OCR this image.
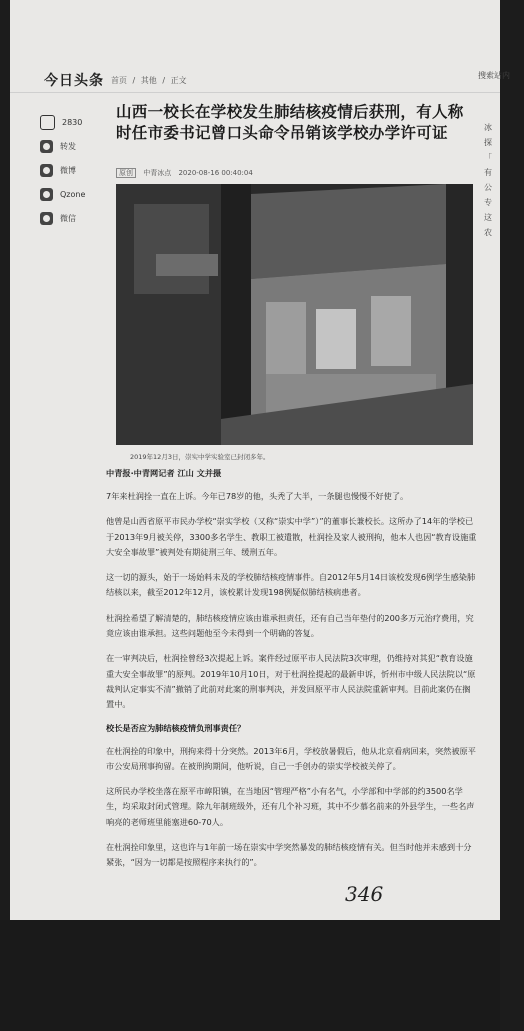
今日头条 首页 / 其他 / 正文
搜索站内
2830
转发
微博
Qzone
微信
山西一校长在学校发生肺结核疫情后获刑，有人称时任市委书记曾口头命令吊销该学校办学许可证
原创 中青冰点 2020-08-16 00:40:04
2019年12月3日，崇实中学实验室已封闭多年。

中青报·中青网记者 江山 文并摄

7年来杜润拴一直在上诉。今年已78岁的他，头秃了大半，一条腿也慢慢不好使了。

他曾是山西省原平市民办学校“崇实学校（又称“崇实中学”）”的董事长兼校长。这所办了14年的学校已于2013年9月被关停，3300多名学生、教职工被遣散，杜润拴及家人被刑拘，他本人也因“教育设施重大安全事故罪”被判处有期徒刑三年、缓刑五年。

这一切的源头，始于一场始料未及的学校肺结核疫情事件。自2012年5月14日该校发现6例学生感染肺结核以来，截至2012年12月，该校累计发现198例疑似肺结核病患者。

杜润拴希望了解清楚的，肺结核疫情应该由谁承担责任，还有自己当年垫付的200多万元治疗费用，究竟应该由谁承担。这些问题他至今未得到一个明确的答复。

在一审判决后，杜润拴曾经3次提起上诉。案件经过原平市人民法院3次审理，仍维持对其犯“教育设施重大安全事故罪”的原判。2019年10月10日，对于杜润拴提起的最新申诉，忻州市中级人民法院以“原裁判认定事实不清”撤销了此前对此案的刑事判决，并发回原平市人民法院重新审判。目前此案仍在搁置中。

校长是否应为肺结核疫情负刑事责任？

在杜润拴的印象中，刑拘来得十分突然。2013年6月，学校放暑假后，他从北京看病回来，突然被原平市公安局刑事拘留。在被刑拘期间，他听说，自己一手创办的崇实学校被关停了。

这所民办学校坐落在原平市崞阳镇，在当地因“管理严格”小有名气，小学部和中学部的约3500名学生，均采取封闭式管理。除九年制班级外，还有几个补习班，其中不少慕名前来的外县学生，一些名声响亮的老师班里能塞进60-70人。

在杜润拴印象里，这也许与1年前一场在崇实中学突然暴发的肺结核疫情有关。但当时他并未感到十分紧张，“因为一切都是按照程序来执行的”。

冰
探
「
有
公
专
这
农
346
